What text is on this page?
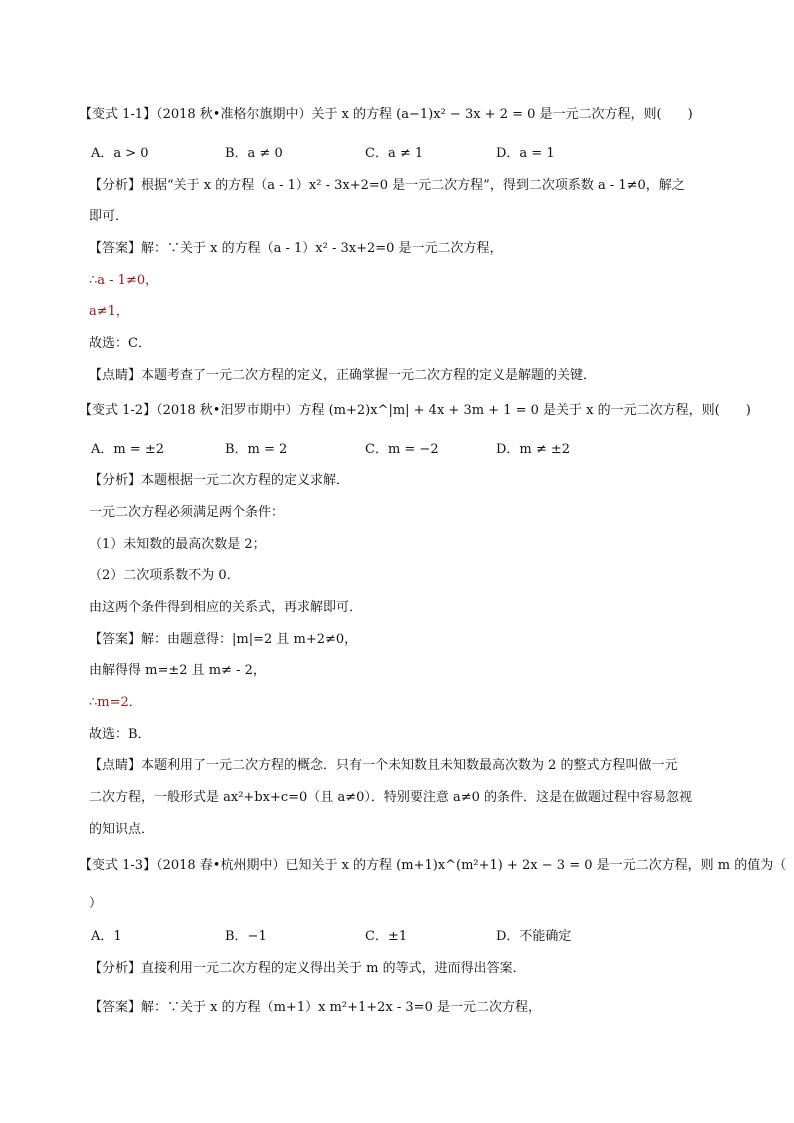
【变式 1-1】（2018 秋•准格尔旗期中）关于 x 的方程 (a−1)x² − 3x + 2 = 0 是一元二次方程，则(　　)
A．a > 0	B．a ≠ 0	C．a ≠ 1	D．a = 1
【分析】根据“关于 x 的方程（a - 1）x² - 3x+2=0 是一元二次方程”，得到二次项系数 a - 1≠0，解之
即可．
【答案】解：∵关于 x 的方程（a - 1）x² - 3x+2=0 是一元二次方程，
∴a - 1≠0，
a≠1，
故选：C．
【点睛】本题考查了一元二次方程的定义，正确掌握一元二次方程的定义是解题的关键．
【变式 1-2】（2018 秋•汨罗市期中）方程 (m+2)x^|m| + 4x + 3m + 1 = 0 是关于 x 的一元二次方程，则(　　)
A．m = ±2	B．m = 2	C．m = −2	D．m ≠ ±2
【分析】本题根据一元二次方程的定义求解．
一元二次方程必须满足两个条件：
（1）未知数的最高次数是 2；
（2）二次项系数不为 0．
由这两个条件得到相应的关系式，再求解即可．
【答案】解：由题意得：|m|=2 且 m+2≠0，
由解得得 m=±2 且 m≠ - 2，
∴m=2．
故选：B．
【点睛】本题利用了一元二次方程的概念．只有一个未知数且未知数最高次数为 2 的整式方程叫做一元
二次方程，一般形式是 ax²+bx+c=0（且 a≠0）．特别要注意 a≠0 的条件．这是在做题过程中容易忽视
的知识点．
【变式 1-3】（2018 春•杭州期中）已知关于 x 的方程 (m+1)x^(m²+1) + 2x − 3 = 0 是一元二次方程，则 m 的值为（
）
A．1	B．−1	C．±1	D．不能确定
【分析】直接利用一元二次方程的定义得出关于 m 的等式，进而得出答案．
【答案】解：∵关于 x 的方程（m+1）x m²+1+2x - 3=0 是一元二次方程，
